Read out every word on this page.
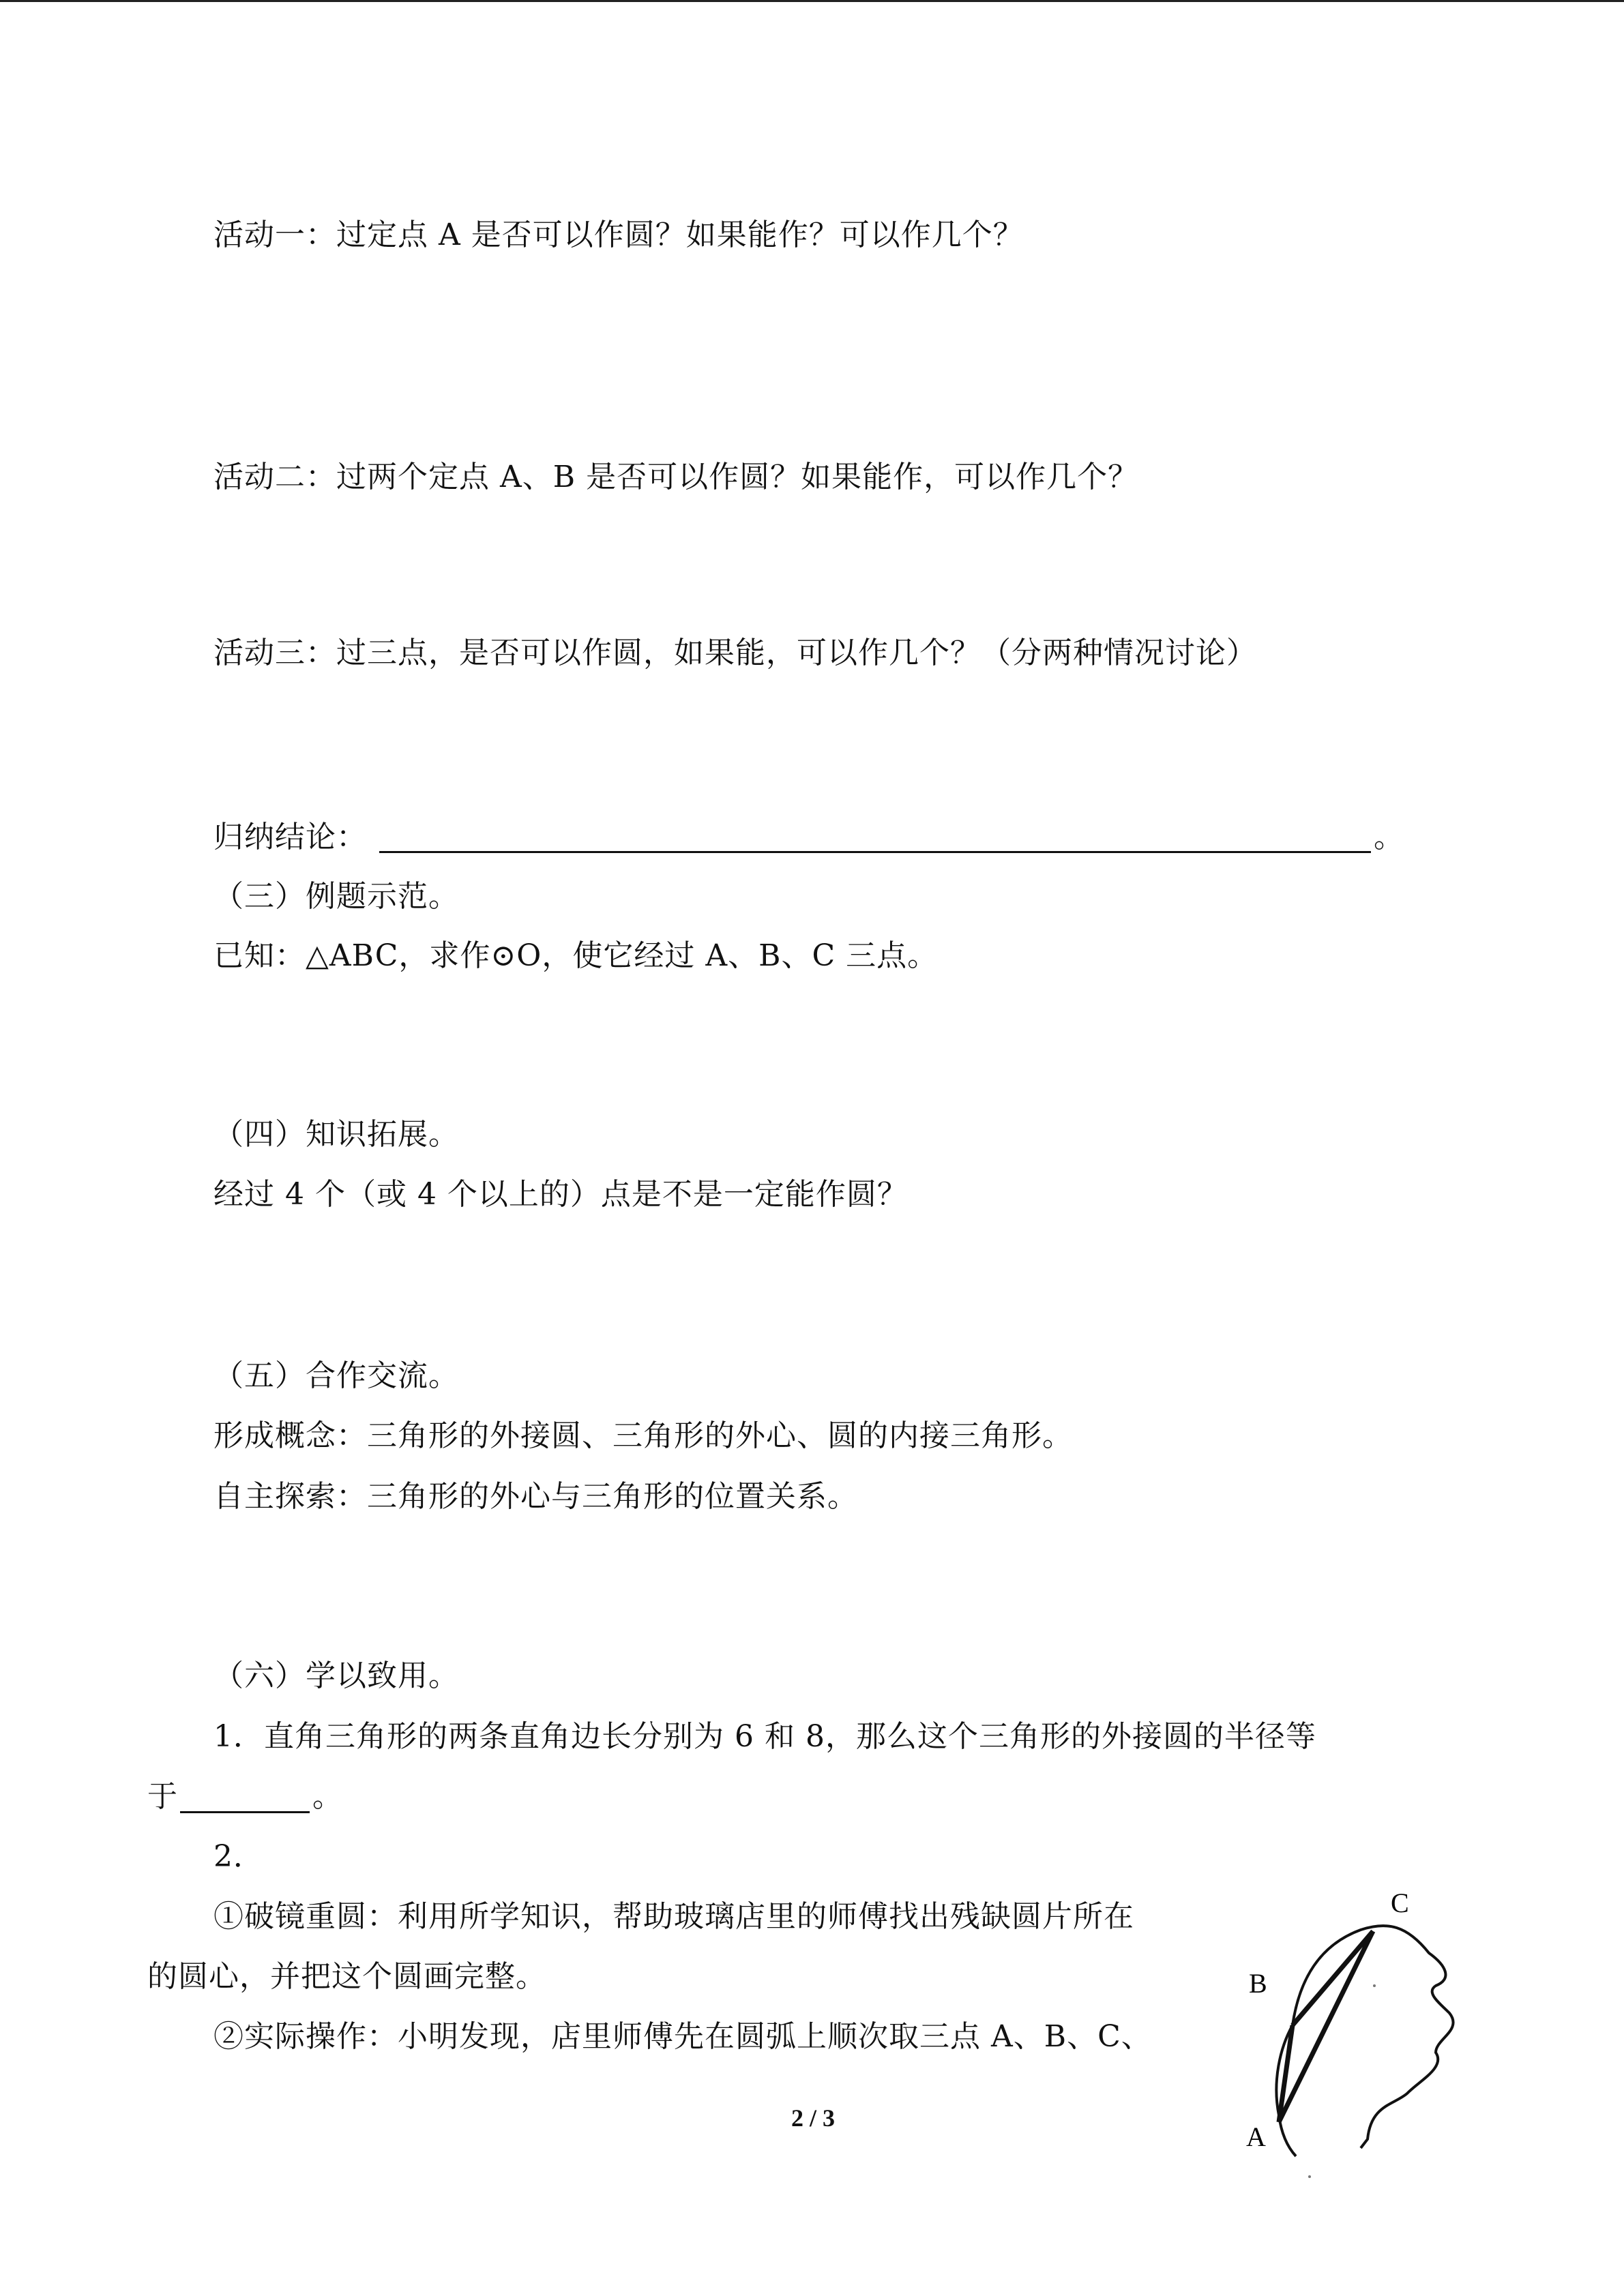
活动一：过定点 A 是否可以作圆？如果能作？可以作几个？
活动二：过两个定点 A、B 是否可以作圆？如果能作，可以作几个？
活动三：过三点，是否可以作圆，如果能，可以作几个？（分两种情况讨论）
归纳结论：	。
（三）例题示范。
已知：△ABC，求作⊙O，使它经过 A、B、C 三点。
（四）知识拓展。
经过 4 个（或 4 个以上的）点是不是一定能作圆？
（五）合作交流。
形成概念：三角形的外接圆、三角形的外心、圆的内接三角形。
自主探索：三角形的外心与三角形的位置关系。
（六）学以致用。
1．直角三角形的两条直角边长分别为 6 和 8，那么这个三角形的外接圆的半径等
于	。
2．
①破镜重圆：利用所学知识，帮助玻璃店里的师傅找出残缺圆片所在
的圆心，并把这个圆画完整。
②实际操作：小明发现，店里师傅先在圆弧上顺次取三点 A、B、C、
2 / 3
C
B
A
